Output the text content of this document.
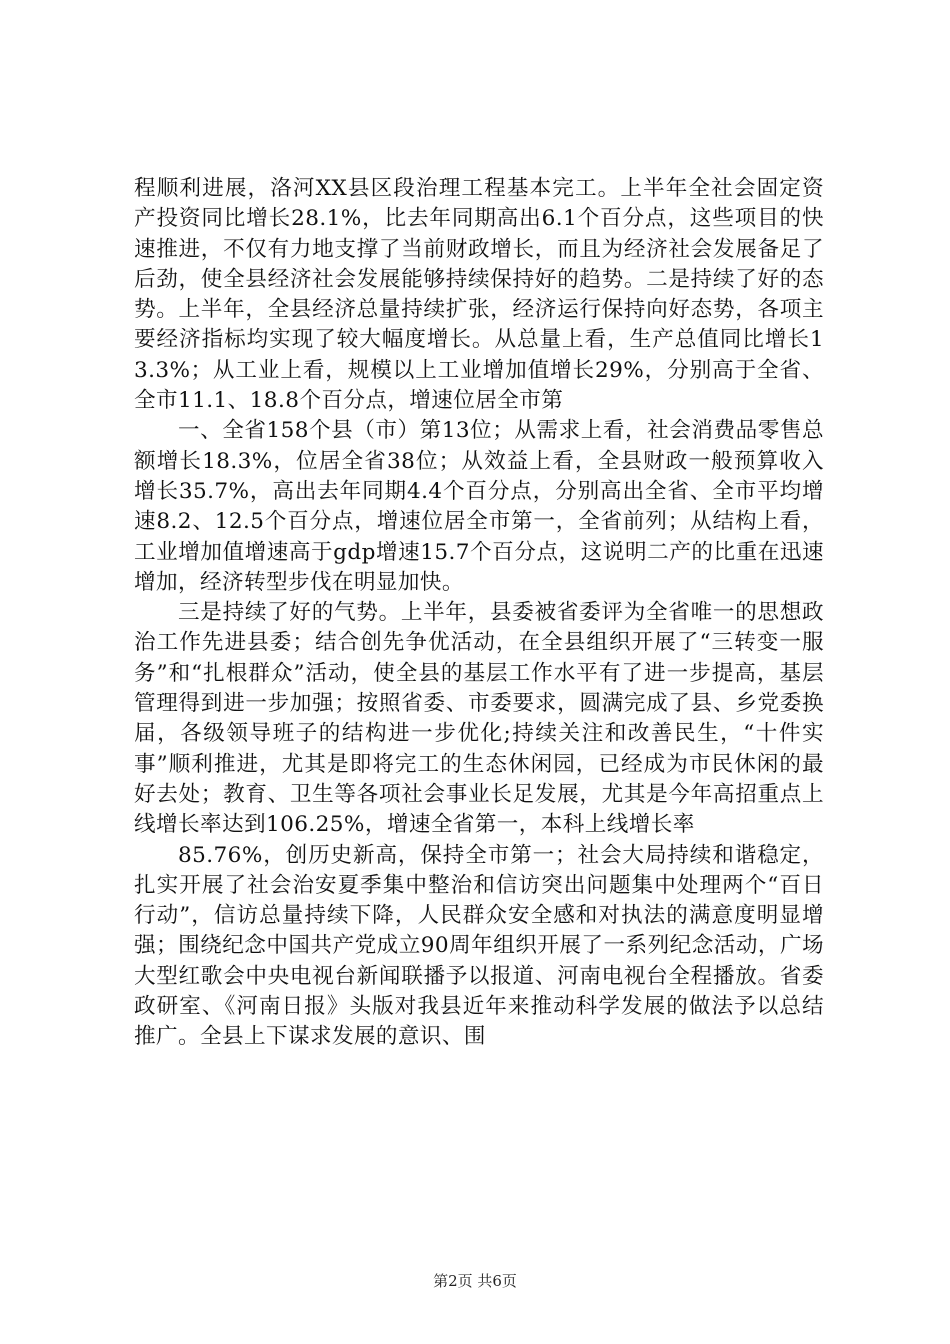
程顺利进展，洛河XX县区段治理工程基本完工。上半年全社会固定资产投资同比增长28.1%，比去年同期高出6.1个百分点，这些项目的快速推进，不仅有力地支撑了当前财政增长，而且为经济社会发展备足了后劲，使全县经济社会发展能够持续保持好的趋势。二是持续了好的态势。上半年，全县经济总量持续扩张，经济运行保持向好态势，各项主要经济指标均实现了较大幅度增长。从总量上看，生产总值同比增长13.3%；从工业上看，规模以上工业增加值增长29%，分别高于全省、全市11.1、18.8个百分点，增速位居全市第

一、全省158个县（市）第13位；从需求上看，社会消费品零售总额增长18.3%，位居全省38位；从效益上看，全县财政一般预算收入增长35.7%，高出去年同期4.4个百分点，分别高出全省、全市平均增速8.2、12.5个百分点，增速位居全市第一，全省前列；从结构上看，工业增加值增速高于gdp增速15.7个百分点，这说明二产的比重在迅速增加，经济转型步伐在明显加快。

三是持续了好的气势。上半年，县委被省委评为全省唯一的思想政治工作先进县委；结合创先争优活动，在全县组织开展了“三转变一服务”和“扎根群众”活动，使全县的基层工作水平有了进一步提高，基层管理得到进一步加强；按照省委、市委要求，圆满完成了县、乡党委换届，各级领导班子的结构进一步优化;持续关注和改善民生，“十件实事”顺利推进，尤其是即将完工的生态休闲园，已经成为市民休闲的最好去处；教育、卫生等各项社会事业长足发展，尤其是今年高招重点上线增长率达到106.25%，增速全省第一，本科上线增长率

85.76%，创历史新高，保持全市第一；社会大局持续和谐稳定，扎实开展了社会治安夏季集中整治和信访突出问题集中处理两个“百日行动”，信访总量持续下降，人民群众安全感和对执法的满意度明显增强；围绕纪念中国共产党成立90周年组织开展了一系列纪念活动，广场大型红歌会中央电视台新闻联播予以报道、河南电视台全程播放。省委政研室、《河南日报》头版对我县近年来推动科学发展的做法予以总结推广。全县上下谋求发展的意识、围

第2页 共6页
